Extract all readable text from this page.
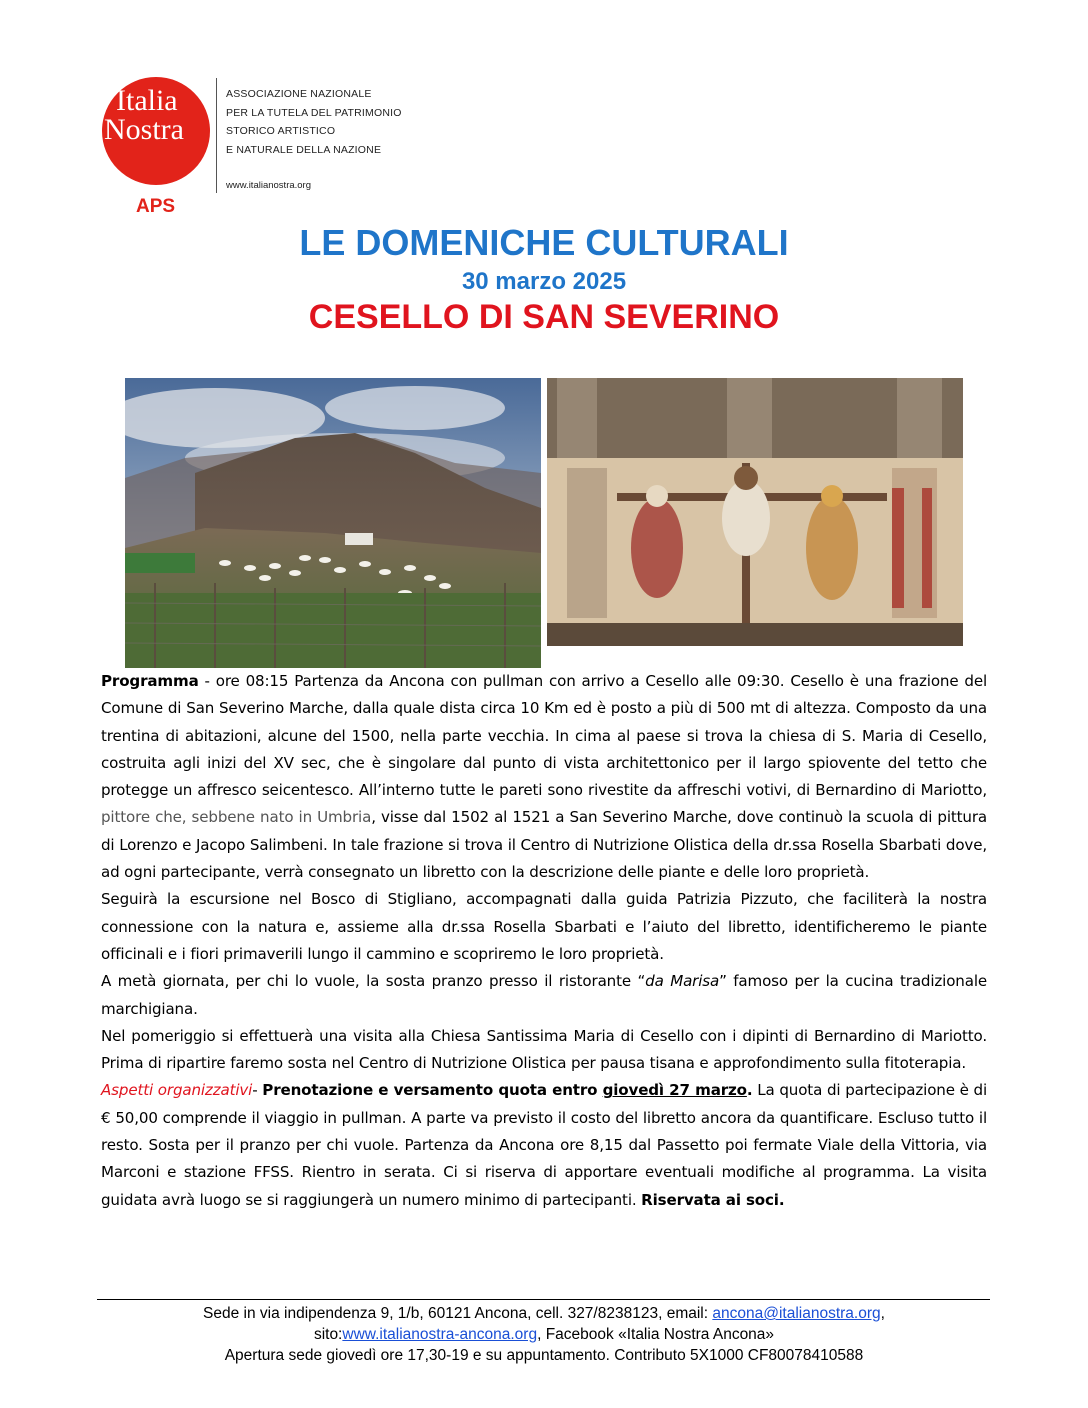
Italia
Nostra
APS
ASSOCIAZIONE NAZIONALE
PER LA TUTELA DEL PATRIMONIO
STORICO ARTISTICO
E NATURALE DELLA NAZIONE
www.italianostra.org
LE DOMENICHE CULTURALI
30 marzo 2025
CESELLO DI SAN SEVERINO

Programma - ore 08:15 Partenza da Ancona con pullman con arrivo a Cesello alle 09:30. Cesello è una frazione del Comune di San Severino Marche, dalla quale dista circa 10 Km ed è posto a più di 500 mt di altezza. Composto da una trentina di abitazioni, alcune del 1500, nella parte vecchia. In cima al paese si trova la chiesa di S. Maria di Cesello, costruita agli inizi del XV sec, che è singolare dal punto di vista architettonico per il largo spiovente del tetto che protegge un affresco seicentesco. All’interno tutte le pareti sono rivestite da affreschi votivi, di Bernardino di Mariotto, pittore che, sebbene nato in Umbria, visse dal 1502 al 1521 a San Severino Marche, dove continuò la scuola di pittura di Lorenzo e Jacopo Salimbeni. In tale frazione si trova il Centro di Nutrizione Olistica della dr.ssa Rosella Sbarbati dove, ad ogni partecipante, verrà consegnato un libretto con la descrizione delle piante e delle loro proprietà.

Seguirà la escursione nel Bosco di Stigliano, accompagnati dalla guida Patrizia Pizzuto, che faciliterà la nostra connessione con la natura e, assieme alla dr.ssa Rosella Sbarbati e l’aiuto del libretto, identificheremo le piante officinali e i fiori primaverili lungo il cammino e scopriremo le loro proprietà.

A metà giornata, per chi lo vuole, la sosta pranzo presso il ristorante “da Marisa” famoso per la cucina tradizionale marchigiana.

Nel pomeriggio si effettuerà una visita alla Chiesa Santissima Maria di Cesello con i dipinti di Bernardino di Mariotto. Prima di ripartire faremo sosta nel Centro di Nutrizione Olistica per pausa tisana e approfondimento sulla fitoterapia.

Aspetti organizzativi- Prenotazione e versamento quota entro giovedì 27 marzo. La quota di partecipazione è di € 50,00 comprende il viaggio in pullman. A parte va previsto il costo del libretto ancora da quantificare. Escluso tutto il resto. Sosta per il pranzo per chi vuole. Partenza da Ancona ore 8,15 dal Passetto poi fermate Viale della Vittoria, via Marconi e stazione FFSS. Rientro in serata. Ci si riserva di apportare eventuali modifiche al programma. La visita guidata avrà luogo se si raggiungerà un numero minimo di partecipanti. Riservata ai soci.

Sede in via indipendenza 9, 1/b, 60121 Ancona, cell. 327/8238123, email: ancona@italianostra.org,
sito:www.italianostra-ancona.org, Facebook «Italia Nostra Ancona»
Apertura sede giovedì ore 17,30-19 e su appuntamento. Contributo 5X1000 CF80078410588
